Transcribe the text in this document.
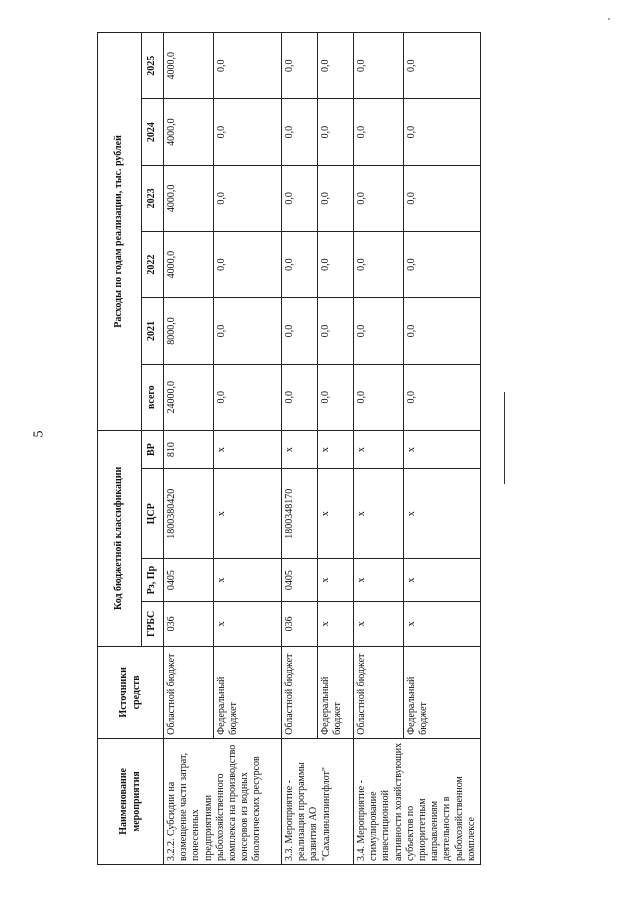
5
Наименование мероприятия	Источники средств	Код бюджетной классификации				Расходы по годам реализации, тыс. рублей					
		ГРБС	Рз, Пр	ЦСР	ВР	всего	2021	2022	2023	2024	2025
3.2.2. Субсидии на возмещение части затрат, понесенных предприятиями рыбохозяйственного комплекса на производство консервов из водных биологических ресурсов	Областной бюджет	036	0405	1800380420	810	24000,0	8000,0	4000,0	4000,0	4000,0	4000,0
	Федеральный бюджет	x	x	x	x	0,0	0,0	0,0	0,0	0,0	0,0
3.3. Мероприятие - реализация программы развития АО "Сахалинлизингфлот"	Областной бюджет	036	0405	1800348170	x	0,0	0,0	0,0	0,0	0,0	0,0
	Федеральный бюджет	x	x	x	x	0,0	0,0	0,0	0,0	0,0	0,0
3.4. Мероприятие - стимулирование инвестиционной активности хозяйствующих субъектов по приоритетным направлениям деятельности в рыбохозяйственном комплексе	Областной бюджет	x	x	x	x	0,0	0,0	0,0	0,0	0,0	0,0
	Федеральный бюджет	x	x	x	x	0,0	0,0	0,0	0,0	0,0	0,0
